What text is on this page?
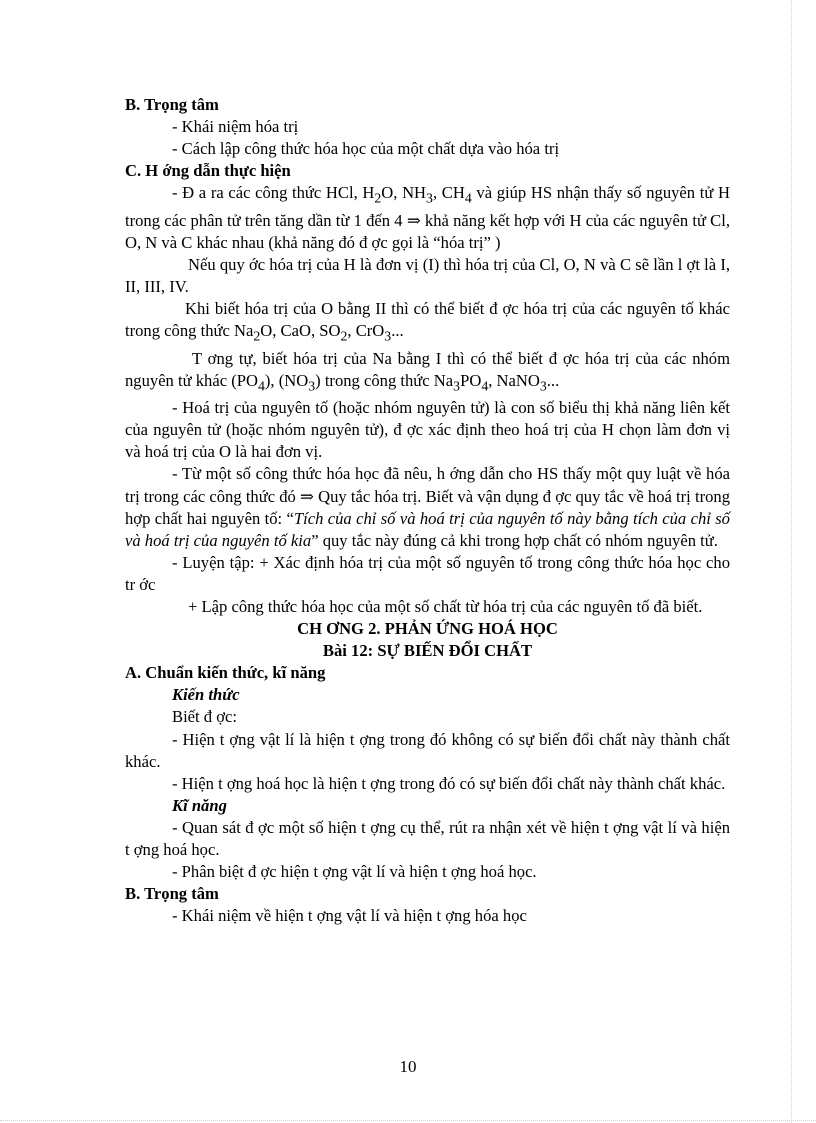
B. Trọng tâm
- Khái niệm hóa trị
- Cách lập công thức hóa học của một chất dựa vào hóa trị
C. H ớng dẫn thực hiện
- Đ a ra các công thức HCl, $H_2O$, $NH_3$, $CH_4$ và giúp HS nhận thấy số nguyên tử H trong các phân tử trên tăng dần từ 1 đến 4 ⇒ khả năng kết hợp với H của các nguyên tử Cl, O, N và C khác nhau (khả năng đó đ ợc gọi là “hóa trị” )
Nếu quy ớc hóa trị của H là đơn vị (I) thì hóa trị của Cl, O, N và C sẽ lần l ợt là I, II, III, IV.
Khi biết hóa trị của O bằng II thì có thể biết đ ợc hóa trị của các nguyên tố khác trong công thức $Na_2O$, CaO, $SO_2$, CrO$_3$...
T ơng tự, biết hóa trị của Na bằng I thì có thể biết đ ợc hóa trị của các nhóm nguyên tử khác $(PO_4)$, $(NO_3)$ trong công thức $Na_3PO_4$, NaNO$_3$...
- Hoá trị của nguyên tố (hoặc nhóm nguyên tử) là con số biểu thị khả năng liên kết của nguyên tử (hoặc nhóm nguyên tử), đ ợc xác định theo hoá trị của H chọn làm đơn vị và hoá trị của O là hai đơn vị.
- Từ một số công thức hóa học đã nêu, h ớng dẫn cho HS thấy một quy luật về hóa trị trong các công thức đó ⇒ Quy tắc hóa trị. Biết và vận dụng đ ợc quy tắc về hoá trị trong hợp chất hai nguyên tố: “Tích của chỉ số và hoá trị của nguyên tố này bằng tích của chỉ số và hoá trị của nguyên tố kia” quy tắc này đúng cả khi trong hợp chất có nhóm nguyên tử.
- Luyện tập: + Xác định hóa trị của một số nguyên tố trong công thức hóa học cho tr ớc
+ Lập công thức hóa học của một số chất từ hóa trị của các nguyên tố đã biết.
CH ƠNG 2. PHẢN ỨNG HOÁ HỌC
Bài 12: SỰ BIẾN ĐỔI CHẤT
A. Chuẩn kiến thức, kĩ năng
Kiến thức
Biết đ ợc:
- Hiện t ợng vật lí là hiện t ợng trong đó không có sự biến đổi chất này thành chất khác.
- Hiện t ợng hoá học là hiện t ợng trong đó có sự biến đổi chất này thành chất khác.
Kĩ năng
- Quan sát đ ợc một số hiện t ợng cụ thể, rút ra nhận xét về hiện t ợng vật lí và hiện t ợng hoá học.
- Phân biệt đ ợc hiện t ợng vật lí và hiện t ợng hoá học.
B. Trọng tâm
- Khái niệm về hiện t ợng vật lí và hiện t ợng hóa học
10
